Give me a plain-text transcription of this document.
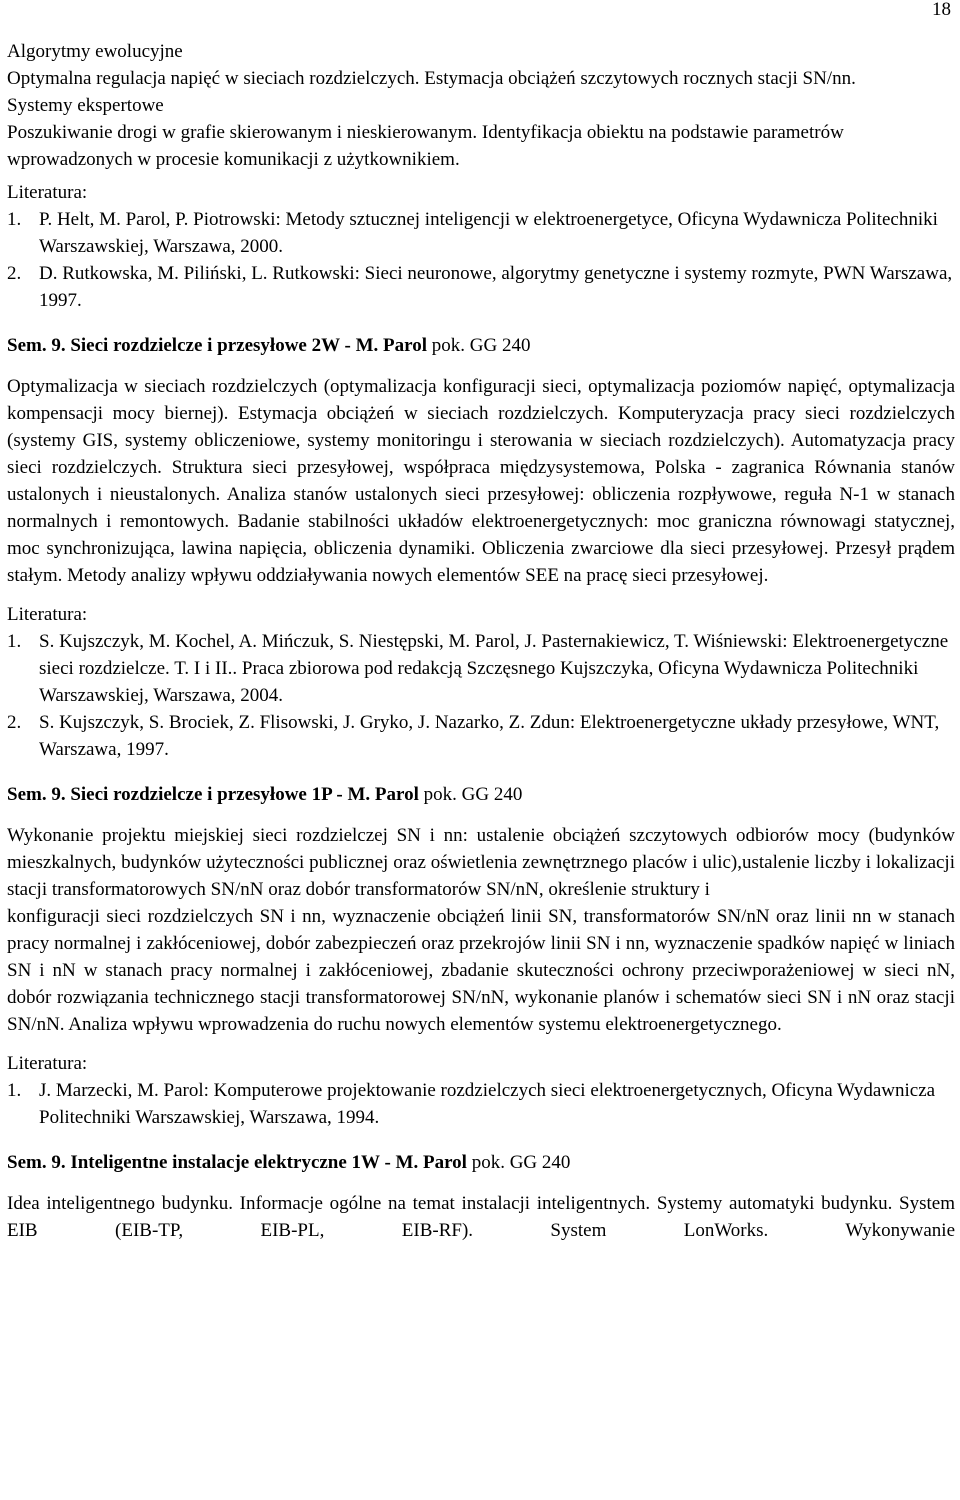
18

Algorytmy ewolucyjne

Optymalna regulacja napięć w sieciach rozdzielczych. Estymacja obciążeń szczytowych rocznych stacji SN/nn.

Systemy ekspertowe

Poszukiwanie drogi w grafie skierowanym i nieskierowanym. Identyfikacja obiektu na podstawie parametrów wprowadzonych w procesie komunikacji z użytkownikiem.

Literatura:

1. P. Helt, M. Parol, P. Piotrowski: Metody sztucznej inteligencji w elektroenergetyce, Oficyna Wydawnicza Politechniki Warszawskiej, Warszawa, 2000.
2. D. Rutkowska, M. Piliński, L. Rutkowski: Sieci neuronowe, algorytmy genetyczne i systemy rozmyte, PWN Warszawa, 1997.

Sem. 9. Sieci rozdzielcze i przesyłowe 2W - M. Parol pok. GG 240

Optymalizacja w sieciach rozdzielczych (optymalizacja konfiguracji sieci, optymalizacja poziomów napięć, optymalizacja kompensacji mocy biernej). Estymacja obciążeń w sieciach rozdzielczych. Komputeryzacja pracy sieci rozdzielczych (systemy GIS, systemy obliczeniowe, systemy monitoringu i sterowania w sieciach rozdzielczych). Automatyzacja pracy sieci rozdzielczych. Struktura sieci przesyłowej, współpraca międzysystemowa, Polska - zagranica Równania stanów ustalonych i nieustalonych. Analiza stanów ustalonych sieci przesyłowej: obliczenia rozpływowe, reguła N-1 w stanach normalnych i remontowych. Badanie stabilności układów elektroenergetycznych: moc graniczna równowagi statycznej, moc synchronizująca, lawina napięcia, obliczenia dynamiki. Obliczenia zwarciowe dla sieci przesyłowej. Przesył prądem stałym. Metody analizy wpływu oddziaływania nowych elementów SEE na pracę sieci przesyłowej.

Literatura:

1. S. Kujszczyk, M. Kochel, A. Mińczuk, S. Niestępski, M. Parol, J. Pasternakiewicz, T. Wiśniewski: Elektroenergetyczne sieci rozdzielcze. T. I i II.. Praca zbiorowa pod redakcją Szczęsnego Kujszczyka, Oficyna Wydawnicza Politechniki Warszawskiej, Warszawa, 2004.
2. S. Kujszczyk, S. Brociek, Z. Flisowski, J. Gryko, J. Nazarko, Z. Zdun: Elektroenergetyczne układy przesyłowe, WNT, Warszawa, 1997.

Sem. 9. Sieci rozdzielcze i przesyłowe 1P - M. Parol pok. GG 240

Wykonanie projektu miejskiej sieci rozdzielczej SN i nn: ustalenie obciążeń szczytowych odbiorów mocy (budynków mieszkalnych, budynków użyteczności publicznej oraz oświetlenia zewnętrznego placów i ulic),ustalenie liczby i lokalizacji stacji transformatorowych SN/nN oraz dobór transformatorów SN/nN, określenie struktury i

konfiguracji sieci rozdzielczych SN i nn, wyznaczenie obciążeń linii SN, transformatorów SN/nN oraz linii nn w stanach pracy normalnej i zakłóceniowej, dobór zabezpieczeń oraz przekrojów linii SN i nn, wyznaczenie spadków napięć w liniach SN i nN w stanach pracy normalnej i zakłóceniowej, zbadanie skuteczności ochrony przeciwporażeniowej w sieci nN, dobór rozwiązania technicznego stacji transformatorowej SN/nN, wykonanie planów i schematów sieci SN i nN oraz stacji SN/nN. Analiza wpływu wprowadzenia do ruchu nowych elementów systemu elektroenergetycznego.

Literatura:

1. J. Marzecki, M. Parol: Komputerowe projektowanie rozdzielczych sieci elektroenergetycznych, Oficyna Wydawnicza Politechniki Warszawskiej, Warszawa, 1994.

Sem. 9. Inteligentne instalacje elektryczne 1W - M. Parol pok. GG 240

Idea inteligentnego budynku. Informacje ogólne na temat instalacji inteligentnych. Systemy automatyki budynku. System EIB (EIB-TP, EIB-PL, EIB-RF). System LonWorks. Wykonywanie
